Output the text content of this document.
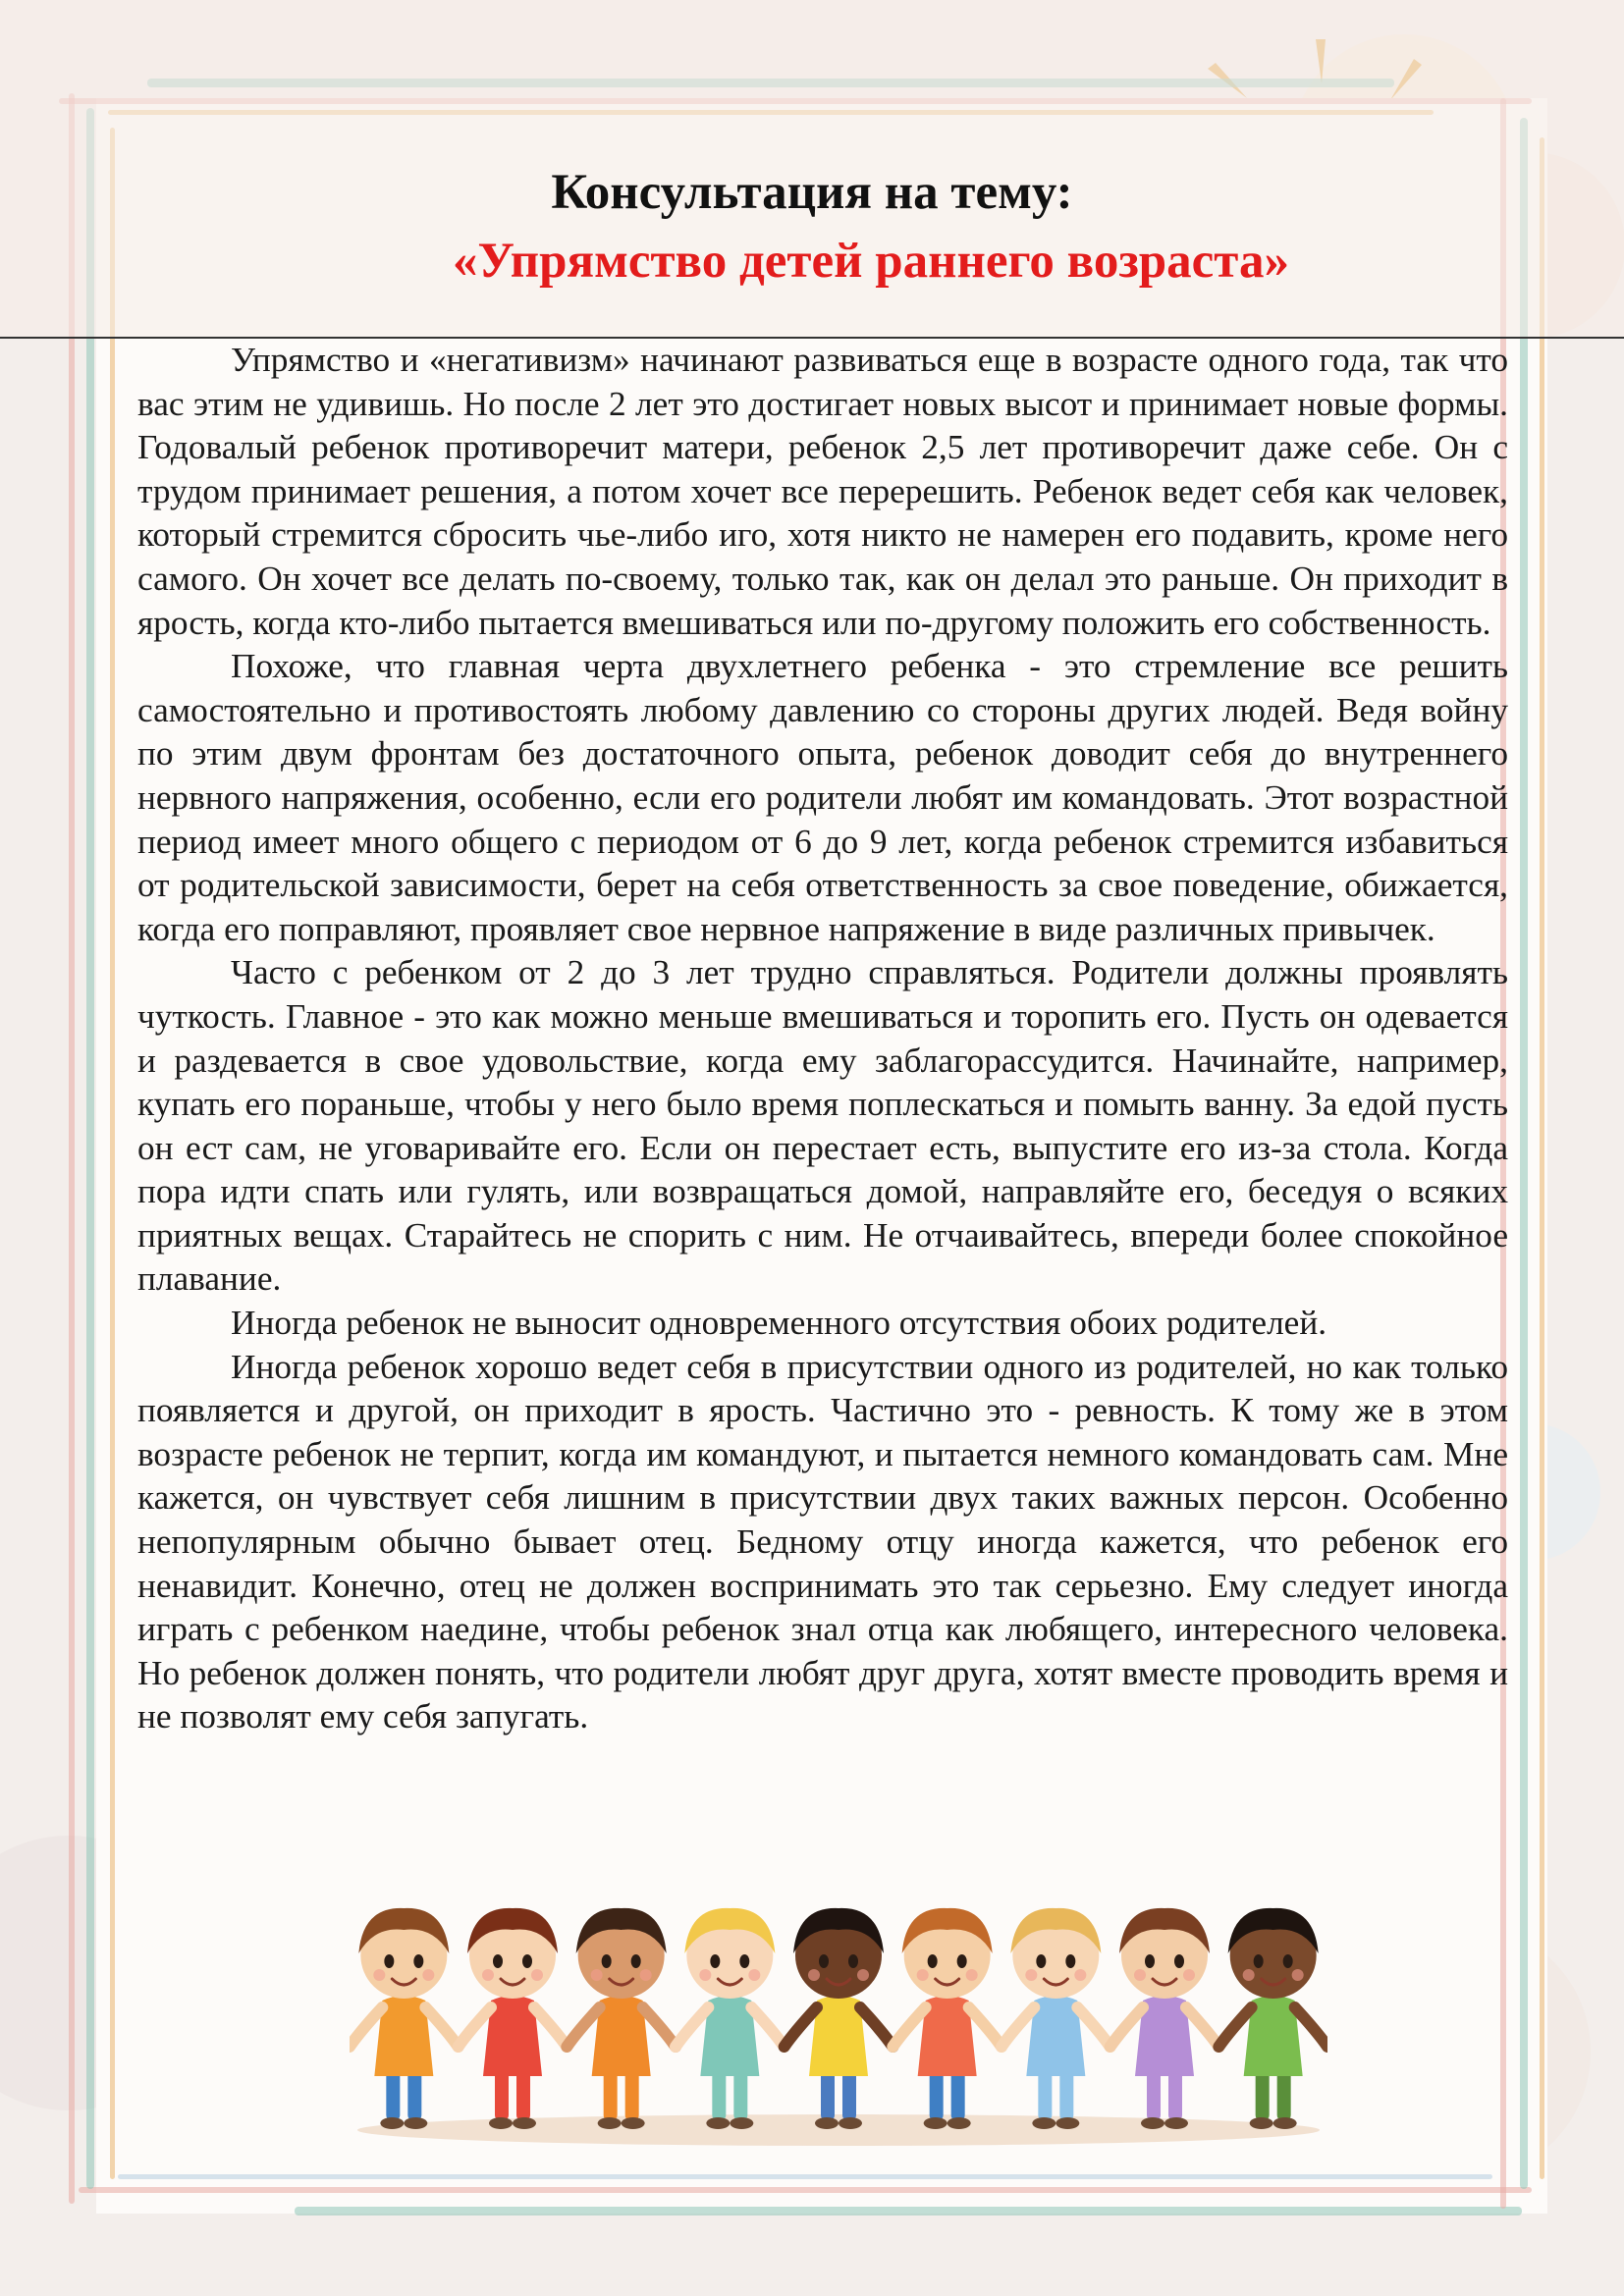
Консультация на тему:
«Упрямство детей раннего возраста»

Упрямство и «негативизм» начинают развиваться еще в возрасте одного года, так что вас этим не удивишь. Но после 2 лет это достигает новых высот и принимает новые формы. Годовалый ребенок противоречит матери, ребенок 2,5 лет противоречит даже себе. Он с трудом принимает решения, а потом хочет все перерешить. Ребенок ведет себя как человек, который стремится сбросить чье-либо иго, хотя никто не намерен его подавить, кроме него самого. Он хочет все делать по-своему, только так, как он делал это раньше. Он приходит в ярость, когда кто-либо пытается вмешиваться или по-другому положить его собственность.

Похоже, что главная черта двухлетнего ребенка - это стремление все решить самостоятельно и противостоять любому давлению со стороны других людей. Ведя войну по этим двум фронтам без достаточного опыта, ребенок доводит себя до внутреннего нервного напряжения, особенно, если его родители любят им командовать. Этот возрастной период имеет много общего с периодом от 6 до 9 лет, когда ребенок стремится избавиться от родительской зависимости, берет на себя ответственность за свое поведение, обижается, когда его поправляют, проявляет свое нервное напряжение в виде различных привычек.

Часто с ребенком от 2 до 3 лет трудно справляться. Родители должны проявлять чуткость. Главное - это как можно меньше вмешиваться и торопить его. Пусть он одевается и раздевается в свое удовольствие, когда ему заблагорассудится. Начинайте, например, купать его пораньше, чтобы у него было время поплескаться и помыть ванну. За едой пусть он ест сам, не уговаривайте его. Если он перестает есть, выпустите его из-за стола. Когда пора идти спать или гулять, или возвращаться домой, направляйте его, беседуя о всяких приятных вещах. Старайтесь не спорить с ним. Не отчаивайтесь, впереди более спокойное плавание.

Иногда ребенок не выносит одновременного отсутствия обоих родителей.

Иногда ребенок хорошо ведет себя в присутствии одного из родителей, но как только появляется и другой, он приходит в ярость. Частично это - ревность. К тому же в этом возрасте ребенок не терпит, когда им командуют, и пытается немного командовать сам. Мне кажется, он чувствует себя лишним в присутствии двух таких важных персон. Особенно непопулярным обычно бывает отец. Бедному отцу иногда кажется, что ребенок его ненавидит. Конечно, отец не должен воспринимать это так серьезно. Ему следует иногда играть с ребенком наедине, чтобы ребенок знал отца как любящего, интересного человека. Но ребенок должен понять, что родители любят друг друга, хотят вместе проводить время и не позволят ему себя запугать.
